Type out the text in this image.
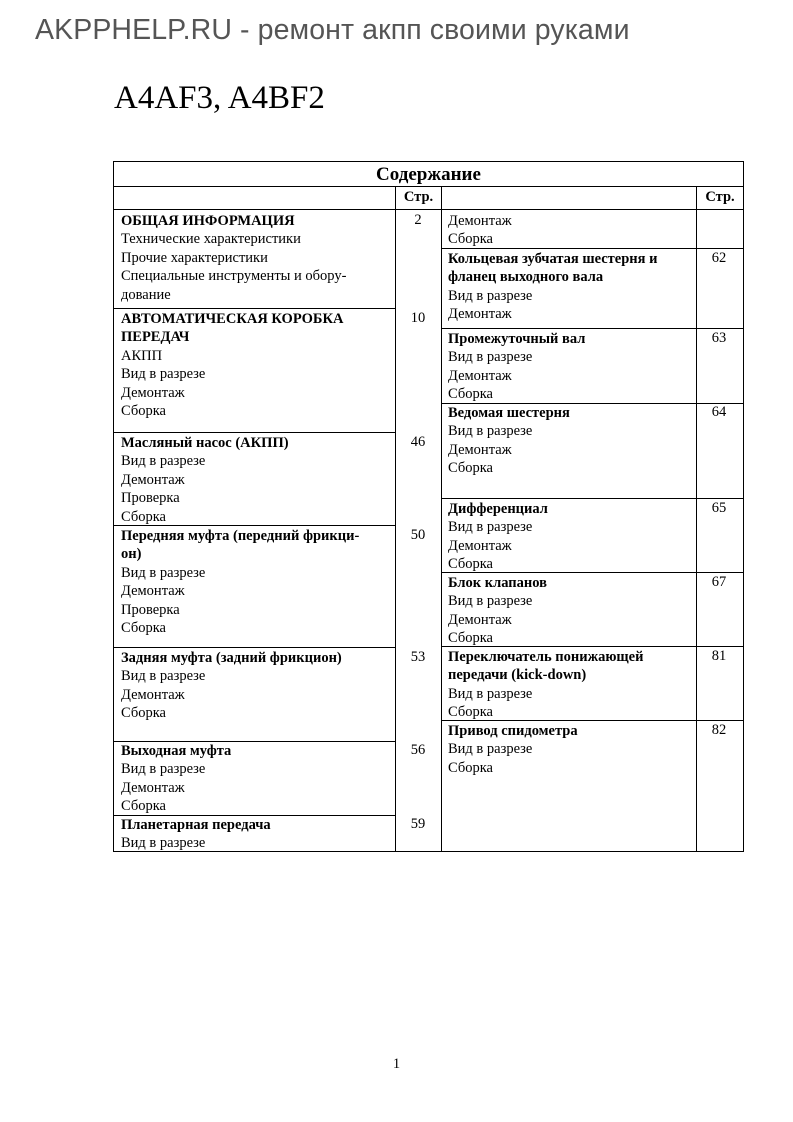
AKPPHELP.RU - ремонт акпп своими руками
A4AF3, A4BF2
Содержание
Стр.	Стр.
ОБЩАЯ ИНФОРМАЦИЯ
Технические характеристики
Прочие характеристики
Специальные инструменты и обору-
дование
2
АВТОМАТИЧЕСКАЯ КОРОБКА
ПЕРЕДАЧ
АКПП
Вид в разрезе
Демонтаж
Сборка
10
Масляный насос (АКПП)
Вид в разрезе
Демонтаж
Проверка
Сборка
46
Передняя муфта (передний фрикци-
он)
Вид в разрезе
Демонтаж
Проверка
Сборка
50
Задняя муфта (задний фрикцион)
Вид в разрезе
Демонтаж
Сборка
53
Выходная муфта
Вид в разрезе
Демонтаж
Сборка
56
Планетарная передача
Вид в разрезе
59
Демонтаж
Сборка
Кольцевая зубчатая шестерня и
фланец выходного вала
Вид в разрезе
Демонтаж
62
Промежуточный вал
Вид в разрезе
Демонтаж
Сборка
63
Ведомая шестерня
Вид в разрезе
Демонтаж
Сборка
64
Дифференциал
Вид в разрезе
Демонтаж
Сборка
65
Блок клапанов
Вид в разрезе
Демонтаж
Сборка
67
Переключатель понижающей
передачи (kick-down)
Вид в разрезе
Сборка
81
Привод спидометра
Вид в разрезе
Сборка
82
1
